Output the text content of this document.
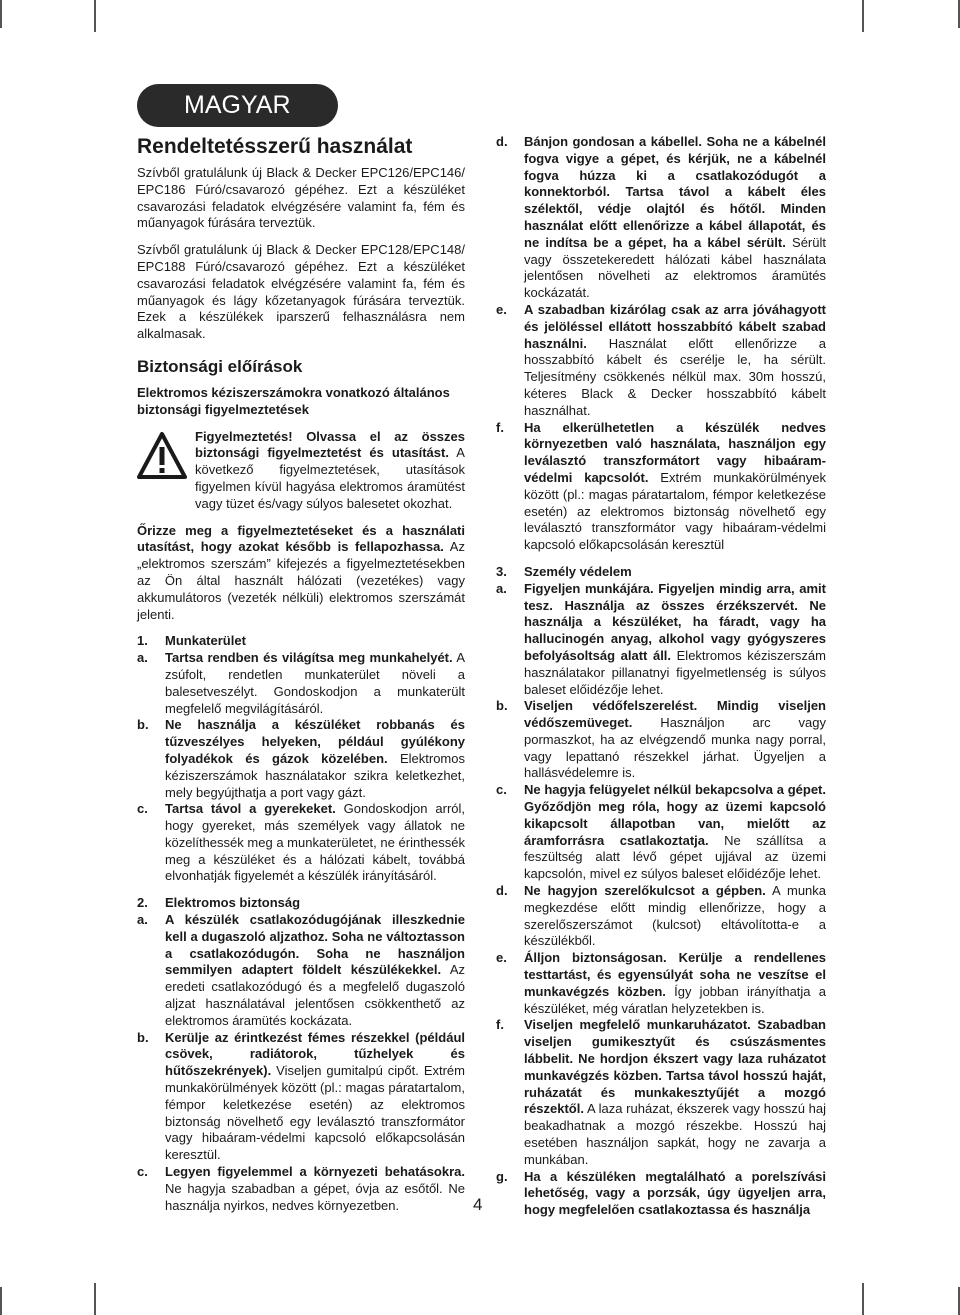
MAGYAR
Rendeltetésszerű használat

Szívből gratulálunk új Black & Decker EPC126/EPC146/ EPC186 Fúró/csavarozó gépéhez. Ezt a készüléket csavarozási feladatok elvégzésére valamint fa, fém és műanyagok fúrására terveztük.

Szívből gratulálunk új Black & Decker EPC128/EPC148/ EPC188 Fúró/csavarozó gépéhez. Ezt a készüléket csavarozási feladatok elvégzésére valamint fa, fém és műanyagok és lágy kőzetanyagok fúrására terveztük. Ezek a készülékek iparszerű felhasználásra nem alkalmasak.

Biztonsági előírások

Elektromos kéziszerszámokra vonatkozó általános biztonsági figyelmeztetések

Figyelmeztetés! Olvassa el az összes biztonsági figyelmeztetést és utasítást. A következő figyelmeztetések, utasítások figyelmen kívül hagyása elektromos áramütést vagy tüzet és/vagy súlyos balesetet okozhat.

Őrizze meg a figyelmeztetéseket és a használati utasítást, hogy azokat később is fellapozhassa. Az „elektromos szerszám” kifejezés a figyelmeztetésekben az Ön által használt hálózati (vezetékes) vagy akkumulátoros (vezeték nélküli) elektromos szerszámát jelenti.

1.	Munkaterület
a.	Tartsa rendben és világítsa meg munkahelyét. A zsúfolt, rendetlen munkaterület növeli a balesetveszélyt. Gondoskodjon a munkaterült megfelelő megvilágításáról.
b.	Ne használja a készüléket robbanás és tűzveszélyes helyeken, például gyúlékony folyadékok és gázok közelében. Elektromos kéziszerszámok használatakor szikra keletkezhet, mely begyújthatja a port vagy gázt.
c.	Tartsa távol a gyerekeket. Gondoskodjon arról, hogy gyereket, más személyek vagy állatok ne közelíthessék meg a munkaterületet, ne érinthessék meg a készüléket és a hálózati kábelt, továbbá elvonhatják figyelemét a készülék irányításáról.
2.	Elektromos biztonság
a.	A készülék csatlakozódugójának illeszkednie kell a dugaszoló aljzathoz. Soha ne változtasson a csatlakozódugón. Soha ne használjon semmilyen adaptert földelt készülékekkel. Az eredeti csatlakozódugó és a megfelelő dugaszoló aljzat használatával jelentősen csökkenthető az elektromos áramütés kockázata.
b.	Kerülje az érintkezést fémes részekkel (például csövek, radiátorok, tűzhelyek és hűtőszekrények). Viseljen gumitalpú cipőt. Extrém munkakörülmények között (pl.: magas páratartalom, fémpor keletkezése esetén) az elektromos biztonság növelhető egy leválasztó transzformátor vagy hibaáram-védelmi kapcsoló előkapcsolásán keresztül.
c.	Legyen figyelemmel a környezeti behatásokra. Ne hagyja szabadban a gépet, óvja az esőtől. Ne használja nyirkos, nedves környezetben.
d.	Bánjon gondosan a kábellel. Soha ne a kábelnél fogva vigye a gépet, és kérjük, ne a kábelnél fogva húzza ki a csatlakozódugót a konnektorból. Tartsa távol a kábelt éles szélektől, védje olajtól és hőtől. Minden használat előtt ellenőrizze a kábel állapotát, és ne indítsa be a gépet, ha a kábel sérült. Sérült vagy összetekeredett hálózati kábel használata jelentősen növelheti az elektromos áramütés kockázatát.
e.	A szabadban kizárólag csak az arra jóváhagyott és jelöléssel ellátott hosszabbító kábelt szabad használni. Használat előtt ellenőrizze a hosszabbító kábelt és cserélje le, ha sérült. Teljesítmény csökkenés nélkül max. 30m hosszú, kéteres Black & Decker hosszabbító kábelt használhat.
f.	Ha elkerülhetetlen a készülék nedves környezetben való használata, használjon egy leválasztó transzformátort vagy hibaáram-védelmi kapcsolót. Extrém munkakörülmények között (pl.: magas páratartalom, fémpor keletkezése esetén) az elektromos biztonság növelhető egy leválasztó transzformátor vagy hibaáram-védelmi kapcsoló előkapcsolásán keresztül
3.	Személy védelem
a.	Figyeljen munkájára. Figyeljen mindig arra, amit tesz. Használja az összes érzékszervét. Ne használja a készüléket, ha fáradt, vagy ha hallucinogén anyag, alkohol vagy gyógyszeres befolyásoltság alatt áll. Elektromos kéziszerszám használatakor pillanatnyi figyelmetlenség is súlyos baleset előidézője lehet.
b.	Viseljen védőfelszerelést. Mindig viseljen védőszemüveget. Használjon arc vagy pormaszkot, ha az elvégzendő munka nagy porral, vagy lepattanó részekkel járhat. Ügyeljen a hallásvédelemre is.
c.	Ne hagyja felügyelet nélkül bekapcsolva a gépet. Győződjön meg róla, hogy az üzemi kapcsoló kikapcsolt állapotban van, mielőtt az áramforrásra csatlakoztatja. Ne szállítsa a feszültség alatt lévő gépet ujjával az üzemi kapcsolón, mivel ez súlyos baleset előidézője lehet.
d.	Ne hagyjon szerelőkulcsot a gépben. A munka megkezdése előtt mindig ellenőrizze, hogy a szerelőszerszámot (kulcsot) eltávolította-e a készülékből.
e.	Álljon biztonságosan. Kerülje a rendellenes testtartást, és egyensúlyát soha ne veszítse el munkavégzés közben. Így jobban irányíthatja a készüléket, még váratlan helyzetekben is.
f.	Viseljen megfelelő munkaruházatot. Szabadban viseljen gumikesztyűt és csúszásmentes lábbelit. Ne hordjon ékszert vagy laza ruházatot munkavégzés közben. Tartsa távol hosszú haját, ruházatát és munkakesztyűjét a mozgó részektől. A laza ruházat, ékszerek vagy hosszú haj beakadhatnak a mozgó részekbe. Hosszú haj esetében használjon sapkát, hogy ne zavarja a munkában.
g.	Ha a készüléken megtalálható a porelszívási lehetőség, vagy a porzsák, úgy ügyeljen arra, hogy megfelelően csatlakoztassa és használja
4
